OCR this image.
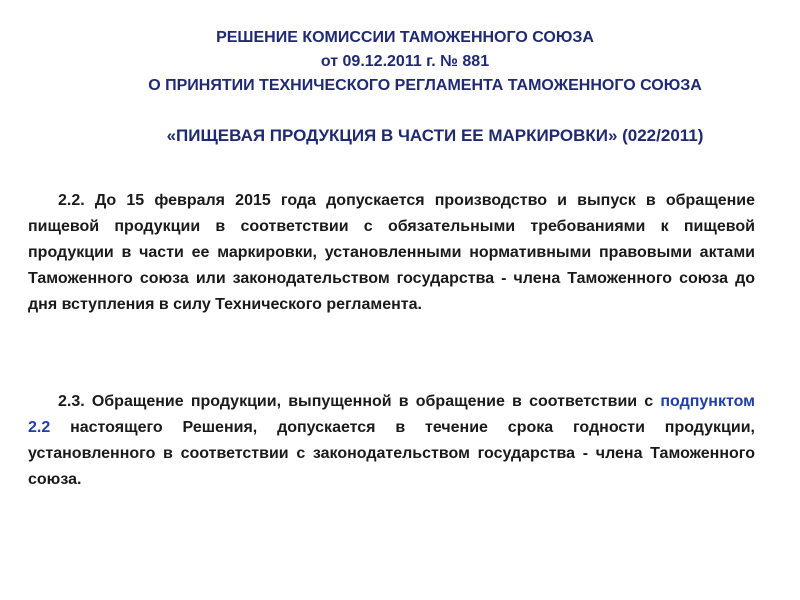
РЕШЕНИЕ КОМИССИИ ТАМОЖЕННОГО СОЮЗА
от 09.12.2011 г. № 881
О ПРИНЯТИИ ТЕХНИЧЕСКОГО РЕГЛАМЕНТА ТАМОЖЕННОГО СОЮЗА
«ПИЩЕВАЯ ПРОДУКЦИЯ В ЧАСТИ ЕЕ МАРКИРОВКИ» (022/2011)
2.2. До 15 февраля 2015 года допускается производство и выпуск в обращение пищевой продукции в соответствии с обязательными требованиями к пищевой продукции в части ее маркировки, установленными нормативными правовыми актами Таможенного союза или законодательством государства - члена Таможенного союза до дня вступления в силу Технического регламента.
2.3. Обращение продукции, выпущенной в обращение в соответствии с подпунктом 2.2 настоящего Решения, допускается в течение срока годности продукции, установленного в соответствии с законодательством государства - члена Таможенного союза.
